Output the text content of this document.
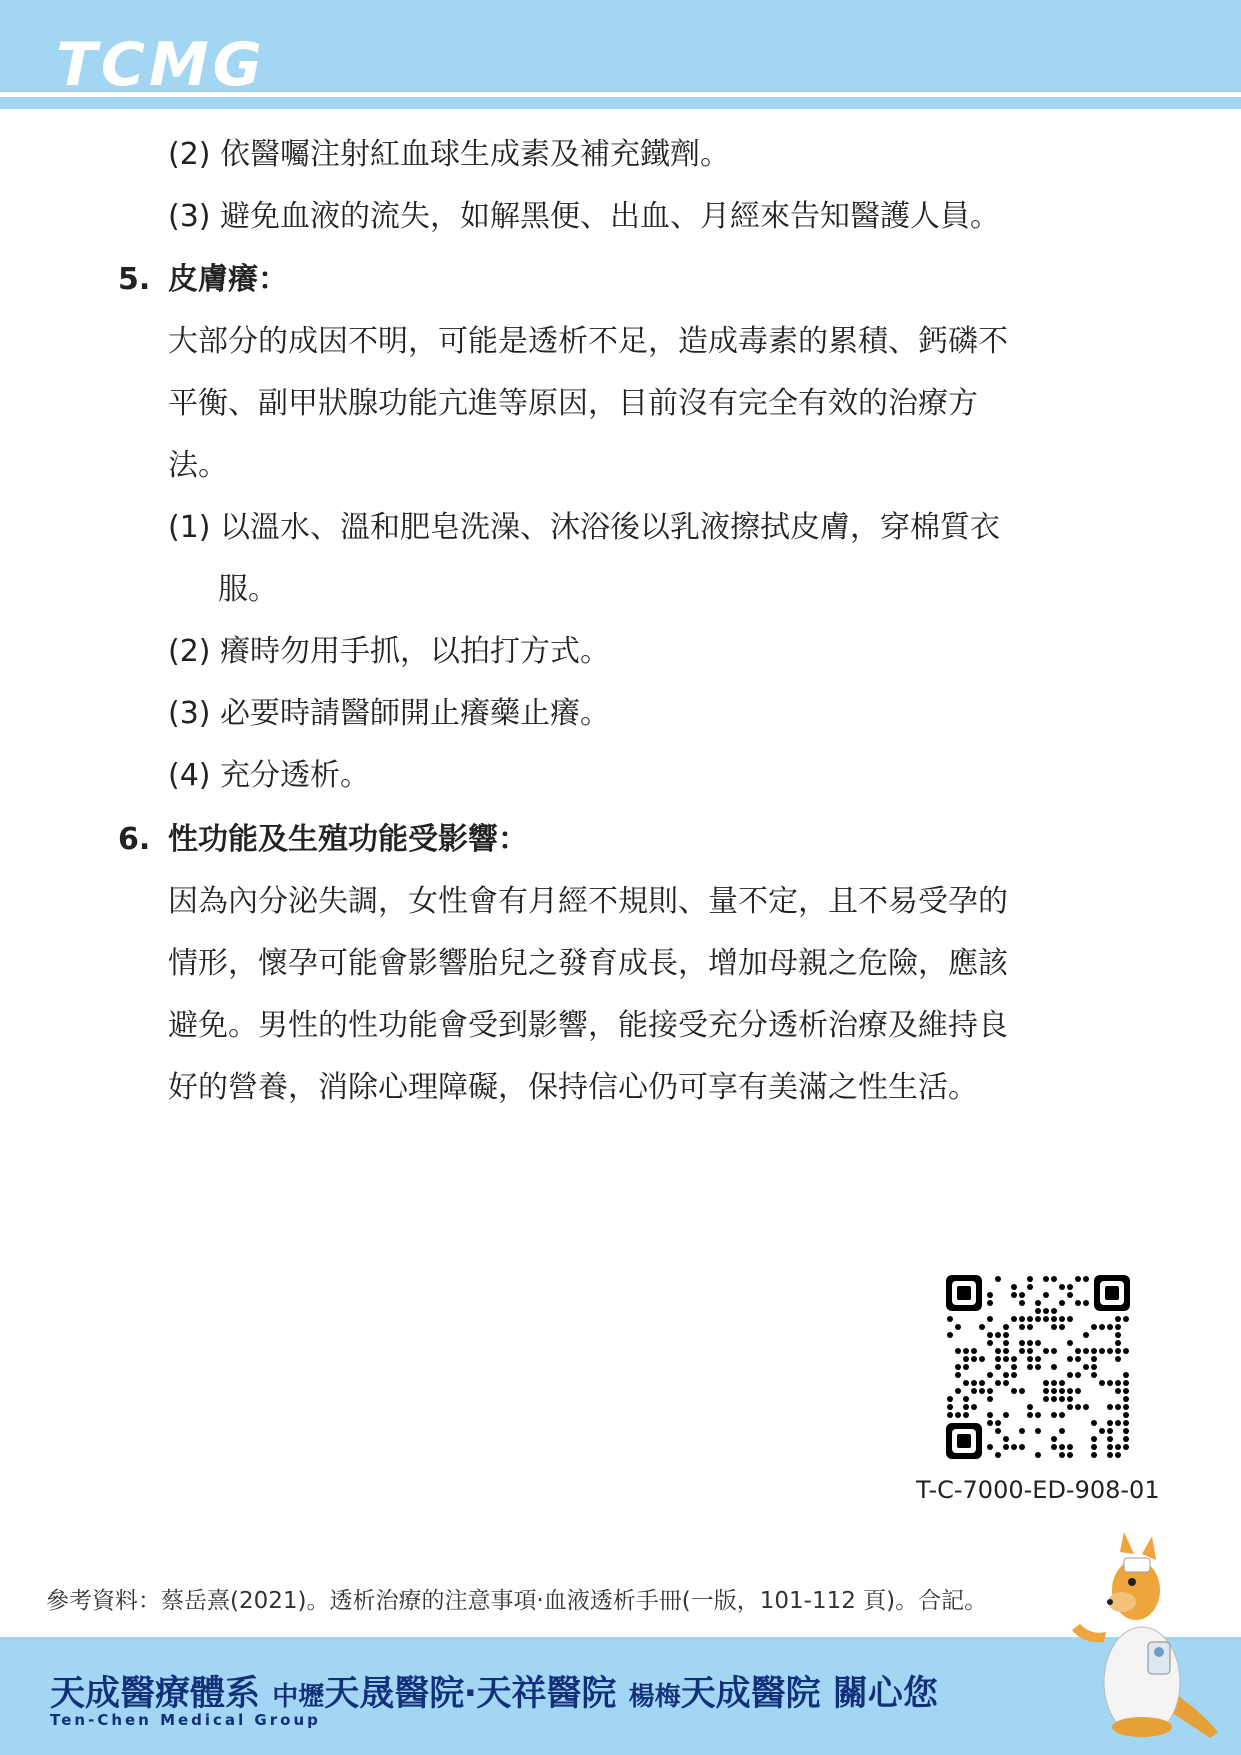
TCMG
(2) 依醫囑注射紅血球生成素及補充鐵劑。
(3) 避免血液的流失，如解黑便、出血、月經來告知醫護人員。
5. 皮膚癢：
大部分的成因不明，可能是透析不足，造成毒素的累積、鈣磷不
平衡、副甲狀腺功能亢進等原因，目前沒有完全有效的治療方
法。
(1) 以溫水、溫和肥皂洗澡、沐浴後以乳液擦拭皮膚，穿棉質衣
服。
(2) 癢時勿用手抓，以拍打方式。
(3) 必要時請醫師開止癢藥止癢。
(4) 充分透析。
6. 性功能及生殖功能受影響：
因為內分泌失調，女性會有月經不規則、量不定，且不易受孕的
情形，懷孕可能會影響胎兒之發育成長，增加母親之危險，應該
避免。男性的性功能會受到影響，能接受充分透析治療及維持良
好的營養，消除心理障礙，保持信心仍可享有美滿之性生活。
T-C-7000-ED-908-01
參考資料：蔡岳熹(2021)。透析治療的注意事項‧血液透析手冊(一版，101-112 頁)。合記。
天成醫療體系 中壢天晟醫院‧天祥醫院 楊梅天成醫院 關心您
Ten-Chen Medical Group
